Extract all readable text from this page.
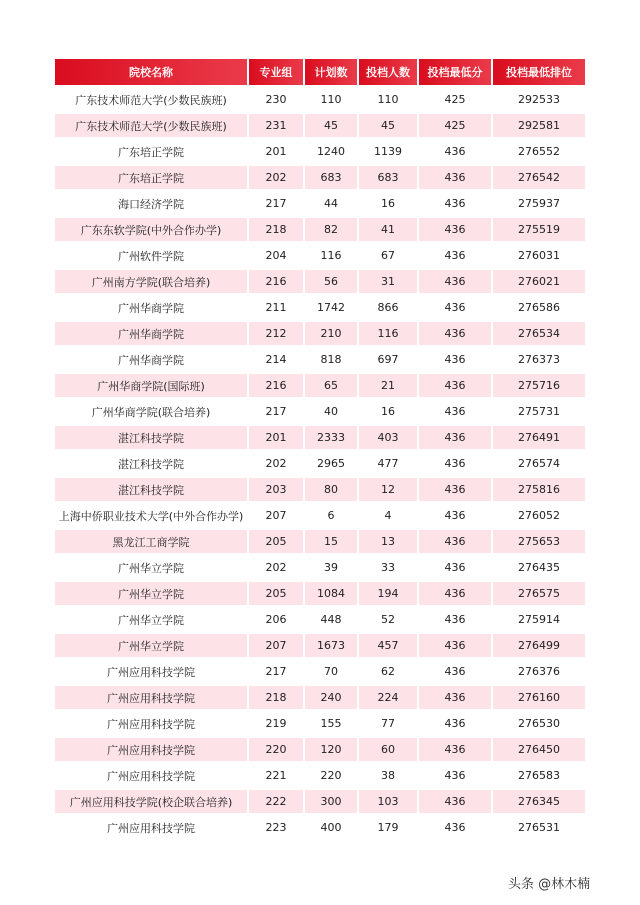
院校名称	专业组	计划数	投档人数	投档最低分	投档最低排位
广东技术师范大学(少数民族班)	230	110	110	425	292533
广东技术师范大学(少数民族班)	231	45	45	425	292581
广东培正学院	201	1240	1139	436	276552
广东培正学院	202	683	683	436	276542
海口经济学院	217	44	16	436	275937
广东东软学院(中外合作办学)	218	82	41	436	275519
广州软件学院	204	116	67	436	276031
广州南方学院(联合培养)	216	56	31	436	276021
广州华商学院	211	1742	866	436	276586
广州华商学院	212	210	116	436	276534
广州华商学院	214	818	697	436	276373
广州华商学院(国际班)	216	65	21	436	275716
广州华商学院(联合培养)	217	40	16	436	275731
湛江科技学院	201	2333	403	436	276491
湛江科技学院	202	2965	477	436	276574
湛江科技学院	203	80	12	436	275816
上海中侨职业技术大学(中外合作办学)	207	6	4	436	276052
黑龙江工商学院	205	15	13	436	275653
广州华立学院	202	39	33	436	276435
广州华立学院	205	1084	194	436	276575
广州华立学院	206	448	52	436	275914
广州华立学院	207	1673	457	436	276499
广州应用科技学院	217	70	62	436	276376
广州应用科技学院	218	240	224	436	276160
广州应用科技学院	219	155	77	436	276530
广州应用科技学院	220	120	60	436	276450
广州应用科技学院	221	220	38	436	276583
广州应用科技学院(校企联合培养)	222	300	103	436	276345
广州应用科技学院	223	400	179	436	276531
头条 @林木楠
